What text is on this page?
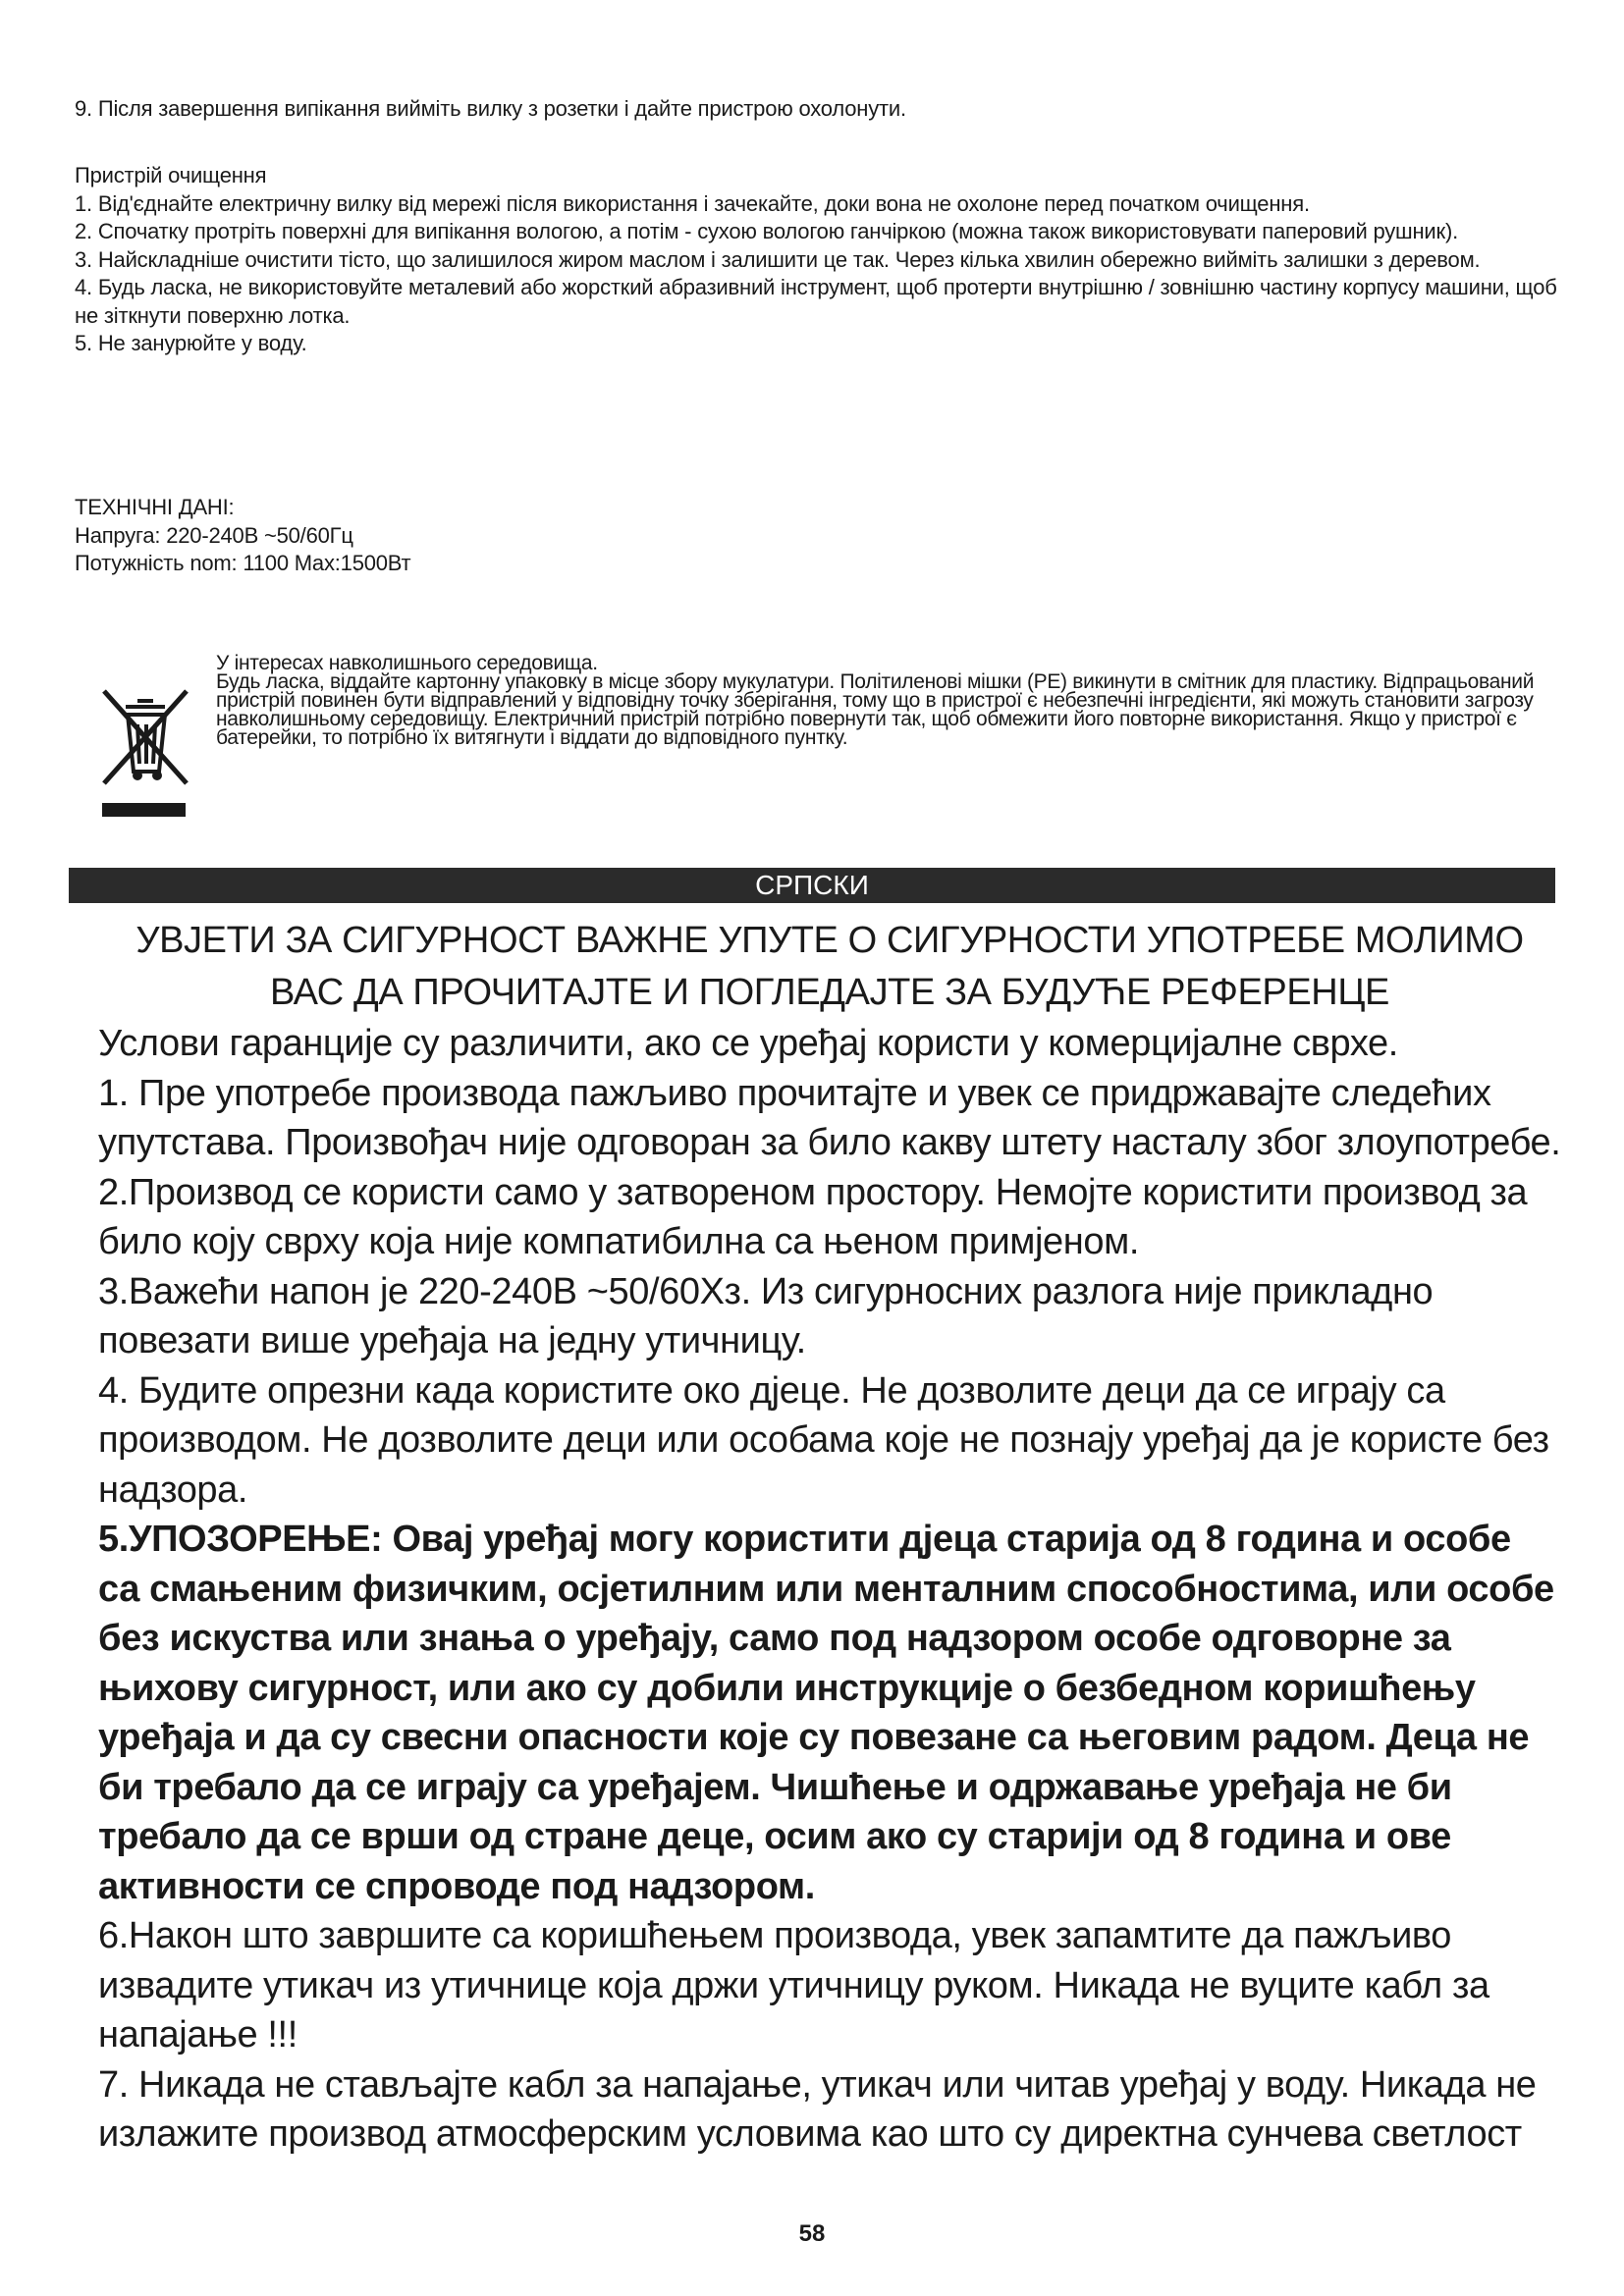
9. Після завершення випікання вийміть вилку з розетки і дайте пристрою охолонути.

Пристрій очищення

1. Від'єднайте електричну вилку від мережі після використання і зачекайте, доки вона не охолоне перед початком очищення.

2. Спочатку протріть поверхні для випікання вологою, а потім - сухою вологою ганчіркою (можна також використовувати паперовий рушник).

3. Найскладніше очистити тісто, що залишилося жиром маслом і залишити це так. Через кілька хвилин обережно вийміть залишки з деревом.

4. Будь ласка, не використовуйте металевий або жорсткий абразивний інструмент, щоб протерти внутрішню / зовнішню частину корпусу машини, щоб не зіткнути поверхню лотка.

5. Не занурюйте у воду.

ТЕХНІЧНІ ДАНІ:

Напруга: 220-240В ~50/60Гц

Потужність nom: 1100 Max:1500Вт

У інтересах навколишнього середовища.

Будь ласка, віддайте картонну упаковку в місце збору мукулатури. Політиленові мішки (PE) викинути в смітник для пластику. Відпрацьований пристрій повинен бути відправлений у відповідну точку зберігання, тому що в пристрої є небезпечні інгредієнти, які можуть становити загрозу навколишньому середовищу. Електричний пристрій потрібно повернути так, щоб обмежити його повторне використання. Якщо у пристрої є батерейки, то потрібно їх витягнути і віддати до відповідного пунтку.

СРПСКИ

УВЈЕТИ ЗА СИГУРНОСТ ВАЖНЕ УПУТЕ О СИГУРНОСТИ УПОТРЕБЕ МОЛИМО ВАС ДА ПРОЧИТАЈТЕ И ПОГЛЕДАЈТЕ ЗА БУДУЋЕ РЕФЕРЕНЦЕ

Услови гаранције су различити, ако се уређај користи у комерцијалне сврхе.

1. Пре употребе производа пажљиво прочитајте и увек се придржавајте следећих упутстава. Произвођач није одговоран за било какву штету насталу због злоупотребе.

2.Производ се користи само у затвореном простору. Немојте користити производ за било коју сврху која није компатибилна са њеном примјеном.

3.Важећи напон је 220-240В ~50/60Хз. Из сигурносних разлога није прикладно повезати више уређаја на једну утичницу.

4. Будите опрезни када користите око дјеце. Не дозволите деци да се играју са производом. Не дозволите деци или особама које не познају уређај да је користе без надзора.

5.УПОЗОРЕЊЕ: Овај уређај могу користити дјеца старија од 8 година и особе са смањеним физичким, осјетилним или менталним способностима, или особе без искуства или знања о уређају, само под надзором особе одговорне за њихову сигурност, или ако су добили инструкције о безбедном коришћењу уређаја и да су свесни опасности које су повезане са његовим радом. Деца не би требало да се играју са уређајем. Чишћење и одржавање уређаја не би требало да се врши од стране деце, осим ако су старији од 8 година и ове активности се спроводе под надзором.

6.Након што завршите са коришћењем производа, увек запамтите да пажљиво извадите утикач из утичнице која држи утичницу руком. Никада не вуците кабл за напајање !!!

7. Никада не стављајте кабл за напајање, утикач или читав уређај у воду. Никада не излажите производ атмосферским условима као што су директна сунчева светлост

58
